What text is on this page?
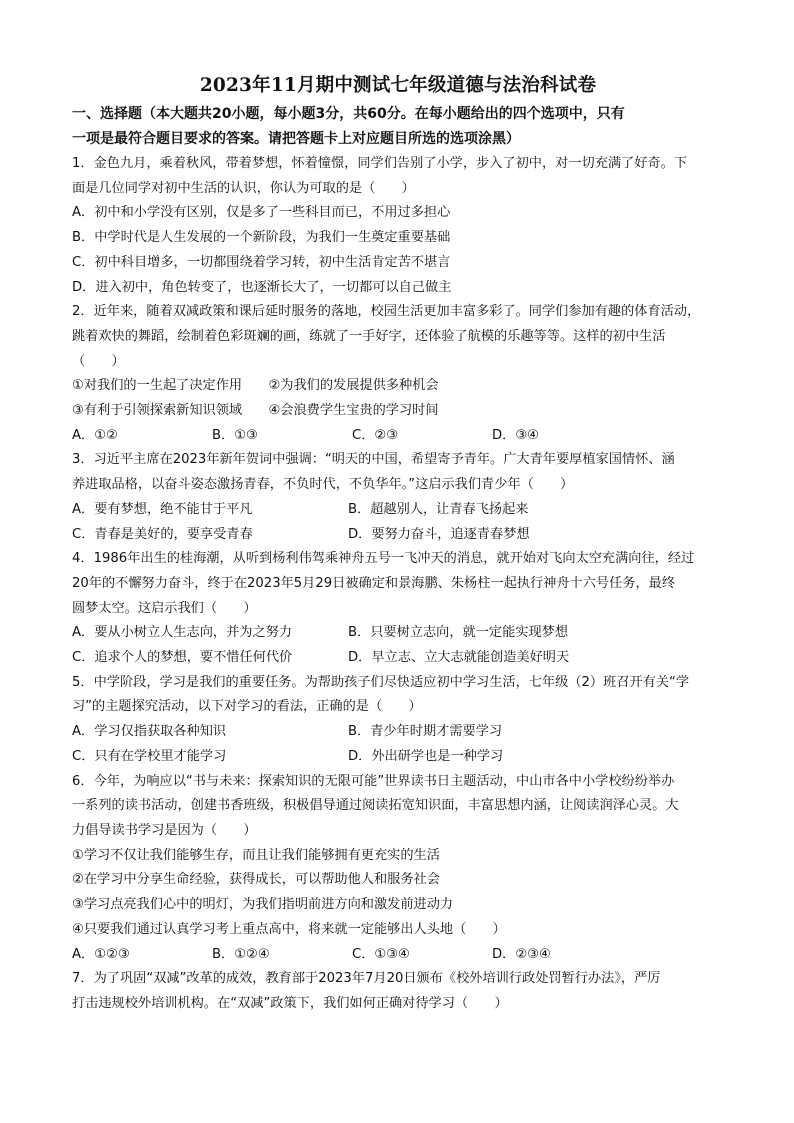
2023年11月期中测试七年级道德与法治科试卷
一、选择题（本大题共20小题，每小题3分，共60分。在每小题给出的四个选项中，只有
一项是最符合题目要求的答案。请把答题卡上对应题目所选的选项涂黑）
1．金色九月，乘着秋风，带着梦想，怀着憧憬，同学们告别了小学，步入了初中，对一切充满了好奇。下
面是几位同学对初中生活的认识，你认为可取的是（　　）
A．初中和小学没有区别，仅是多了一些科目而已，不用过多担心
B．中学时代是人生发展的一个新阶段，为我们一生奠定重要基础
C．初中科目增多，一切都围绕着学习转，初中生活肯定苦不堪言
D．进入初中，角色转变了，也逐渐长大了，一切都可以自己做主
2．近年来，随着双减政策和课后延时服务的落地，校园生活更加丰富多彩了。同学们参加有趣的体育活动，
跳着欢快的舞蹈，绘制着色彩斑斓的画，练就了一手好字，还体验了航模的乐趣等等。这样的初中生活
（　　）
①对我们的一生起了决定作用　　②为我们的发展提供多种机会
③有利于引领探索新知识领域　　④会浪费学生宝贵的学习时间
A．①②	B．①③	C．②③	D．③④
3．习近平主席在2023年新年贺词中强调：“明天的中国，希望寄予青年。广大青年要厚植家国情怀、涵
养进取品格，以奋斗姿态激扬青春，不负时代，不负华年。”这启示我们青少年（　　）
A．要有梦想，绝不能甘于平凡	B．超越别人，让青春飞扬起来
C．青春是美好的，要享受青春	D．要努力奋斗，追逐青春梦想
4．1986年出生的桂海潮，从听到杨利伟驾乘神舟五号一飞冲天的消息，就开始对飞向太空充满向往，经过
20年的不懈努力奋斗，终于在2023年5月29日被确定和景海鹏、朱杨柱一起执行神舟十六号任务，最终
圆梦太空。这启示我们（　　）
A．要从小树立人生志向，并为之努力	B．只要树立志向，就一定能实现梦想
C．追求个人的梦想，要不惜任何代价	D．早立志、立大志就能创造美好明天
5．中学阶段，学习是我们的重要任务。为帮助孩子们尽快适应初中学习生活，七年级（2）班召开有关“学
习”的主题探究活动，以下对学习的看法，正确的是（　　）
A．学习仅指获取各种知识	B．青少年时期才需要学习
C．只有在学校里才能学习	D．外出研学也是一种学习
6．今年，为响应以“书与未来：探索知识的无限可能”世界读书日主题活动，中山市各中小学校纷纷举办
一系列的读书活动，创建书香班级，积极倡导通过阅读拓宽知识面，丰富思想内涵，让阅读润泽心灵。大
力倡导读书学习是因为（　　）
①学习不仅让我们能够生存，而且让我们能够拥有更充实的生活
②在学习中分享生命经验，获得成长，可以帮助他人和服务社会
③学习点亮我们心中的明灯，为我们指明前进方向和激发前进动力
④只要我们通过认真学习考上重点高中，将来就一定能够出人头地（　　）
A．①②③	B．①②④	C．①③④	D．②③④
7．为了巩固“双减”改革的成效，教育部于2023年7月20日颁布《校外培训行政处罚暂行办法》，严厉
打击违规校外培训机构。在“双减”政策下，我们如何正确对待学习（　　）
